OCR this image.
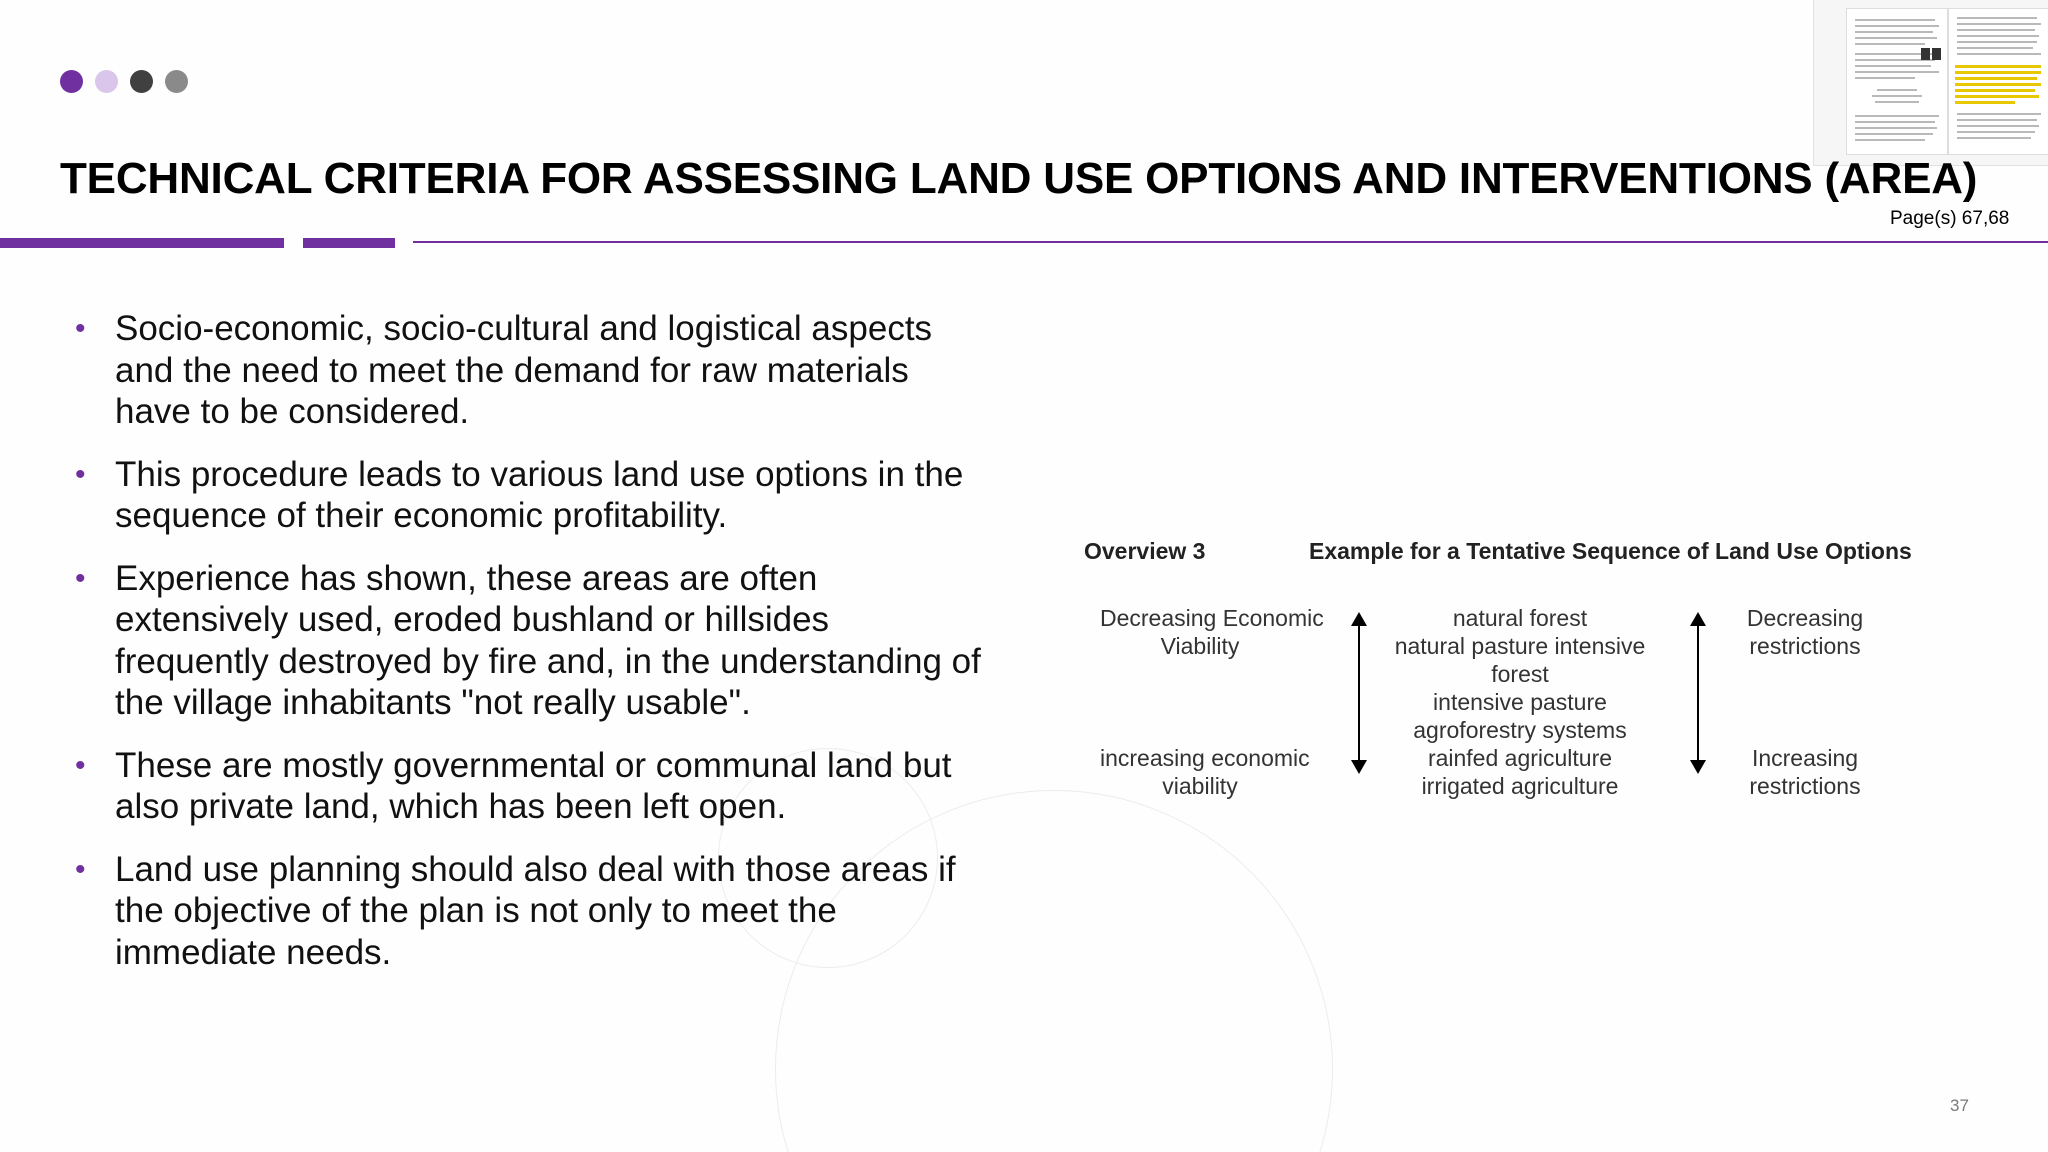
TECHNICAL CRITERIA FOR ASSESSING LAND USE OPTIONS AND INTERVENTIONS (AREA)
Page(s) 67,68
• Socio-economic, socio-cultural and logistical aspects and the need to meet the demand for raw materials have to be considered.
• This procedure leads to various land use options in the sequence of their economic profitability.
• Experience has shown, these areas are often extensively used, eroded bushland or hillsides frequently destroyed by fire and, in the understanding of the village inhabitants "not really usable".
• These are mostly governmental or communal land but also private land, which has been left open.
• Land use planning should also deal with those areas if the objective of the plan is not only to meet the immediate needs.
Overview 3	Example for a Tentative Sequence of Land Use Options
Decreasing Economic
Viability
increasing economic
viability
natural forest
natural pasture intensive
forest
intensive pasture
agroforestry systems
rainfed agriculture
irrigated agriculture
Decreasing
restrictions
Increasing
restrictions
37
